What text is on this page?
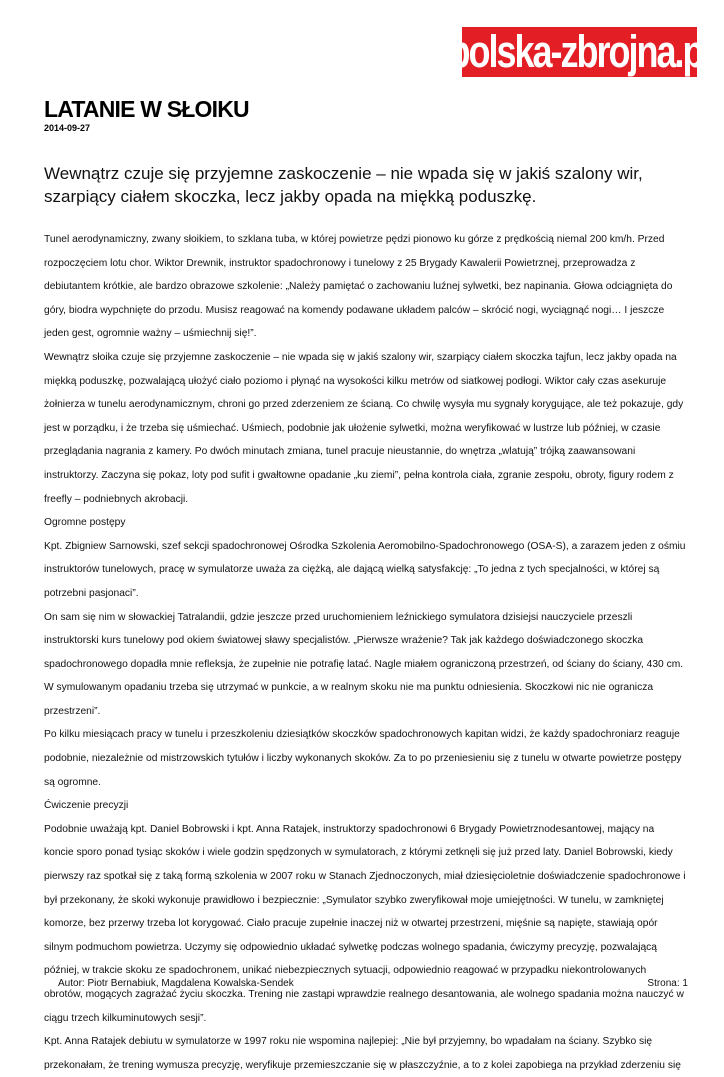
polska-zbrojna.pl
LATANIE W SŁOIKU
2014-09-27

Wewnątrz czuje się przyjemne zaskoczenie – nie wpada się w jakiś szalony wir, szarpiący ciałem skoczka, lecz jakby opada na miękką poduszkę.

Tunel aerodynamiczny, zwany słoikiem, to szklana tuba, w której powietrze pędzi pionowo ku górze z prędkością niemal 200 km/h. Przed rozpoczęciem lotu chor. Wiktor Drewnik, instruktor spadochronowy i tunelowy z 25 Brygady Kawalerii Powietrznej, przeprowadza z debiutantem krótkie, ale bardzo obrazowe szkolenie: „Należy pamiętać o zachowaniu luźnej sylwetki, bez napinania. Głowa odciągnięta do góry, biodra wypchnięte do przodu. Musisz reagować na komendy podawane układem palców – skrócić nogi, wyciągnąć nogi… I jeszcze jeden gest, ogromnie ważny – uśmiechnij się!”.

Wewnątrz słoika czuje się przyjemne zaskoczenie – nie wpada się w jakiś szalony wir, szarpiący ciałem skoczka tajfun, lecz jakby opada na miękką poduszkę, pozwalającą ułożyć ciało poziomo i płynąć na wysokości kilku metrów od siatkowej podłogi. Wiktor cały czas asekuruje żołnierza w tunelu aerodynamicznym, chroni go przed zderzeniem ze ścianą. Co chwilę wysyła mu sygnały korygujące, ale też pokazuje, gdy jest w porządku, i że trzeba się uśmiechać. Uśmiech, podobnie jak ułożenie sylwetki, można weryfikować w lustrze lub później, w czasie przeglądania nagrania z kamery. Po dwóch minutach zmiana, tunel pracuje nieustannie, do wnętrza „wlatują” trójką zaawansowani instruktorzy. Zaczyna się pokaz, loty pod sufit i gwałtowne opadanie „ku ziemi”, pełna kontrola ciała, zgranie zespołu, obroty, figury rodem z freefly – podniebnych akrobacji.

Ogromne postępy

Kpt. Zbigniew Sarnowski, szef sekcji spadochronowej Ośrodka Szkolenia Aeromobilno-Spadochronowego (OSA-S), a zarazem jeden z ośmiu instruktorów tunelowych, pracę w symulatorze uważa za ciężką, ale dającą wielką satysfakcję: „To jedna z tych specjalności, w której są potrzebni pasjonaci”.

On sam się nim w słowackiej Tatralandii, gdzie jeszcze przed uruchomieniem leźnickiego symulatora dzisiejsi nauczyciele przeszli instruktorski kurs tunelowy pod okiem światowej sławy specjalistów. „Pierwsze wrażenie? Tak jak każdego doświadczonego skoczka spadochronowego dopadła mnie refleksja, że zupełnie nie potrafię latać. Nagle miałem ograniczoną przestrzeń, od ściany do ściany, 430 cm. W symulowanym opadaniu trzeba się utrzymać w punkcie, a w realnym skoku nie ma punktu odniesienia. Skoczkowi nic nie ogranicza przestrzeni”.

Po kilku miesiącach pracy w tunelu i przeszkoleniu dziesiątków skoczków spadochronowych kapitan widzi, że każdy spadochroniarz reaguje podobnie, niezależnie od mistrzowskich tytułów i liczby wykonanych skoków. Za to po przeniesieniu się z tunelu w otwarte powietrze postępy są ogromne.

Ćwiczenie precyzji

Podobnie uważają kpt. Daniel Bobrowski i kpt. Anna Ratajek, instruktorzy spadochronowi 6 Brygady Powietrznodesantowej, mający na koncie sporo ponad tysiąc skoków i wiele godzin spędzonych w symulatorach, z którymi zetknęli się już przed laty. Daniel Bobrowski, kiedy pierwszy raz spotkał się z taką formą szkolenia w 2007 roku w Stanach Zjednoczonych, miał dziesięcioletnie doświadczenie spadochronowe i był przekonany, że skoki wykonuje prawidłowo i bezpiecznie: „Symulator szybko zweryfikował moje umiejętności. W tunelu, w zamkniętej komorze, bez przerwy trzeba lot korygować. Ciało pracuje zupełnie inaczej niż w otwartej przestrzeni, mięśnie są napięte, stawiają opór silnym podmuchom powietrza. Uczymy się odpowiednio układać sylwetkę podczas wolnego spadania, ćwiczymy precyzję, pozwalającą później, w trakcie skoku ze spadochronem, unikać niebezpiecznych sytuacji, odpowiednio reagować w przypadku niekontrolowanych obrotów, mogących zagrażać życiu skoczka. Trening nie zastąpi wprawdzie realnego desantowania, ale wolnego spadania można nauczyć w ciągu trzech kilkuminutowych sesji”.

Kpt. Anna Ratajek debiutu w symulatorze w 1997 roku nie wspomina najlepiej: „Nie był przyjemny, bo wpadałam na ściany. Szybko się przekonałam, że trening wymusza precyzję, weryfikuje przemieszczanie się w płaszczyźnie, a to z kolei zapobiega na przykład zderzeniu się

Autor: Piotr Bernabiuk, Magdalena Kowalska-Sendek	Strona: 1
